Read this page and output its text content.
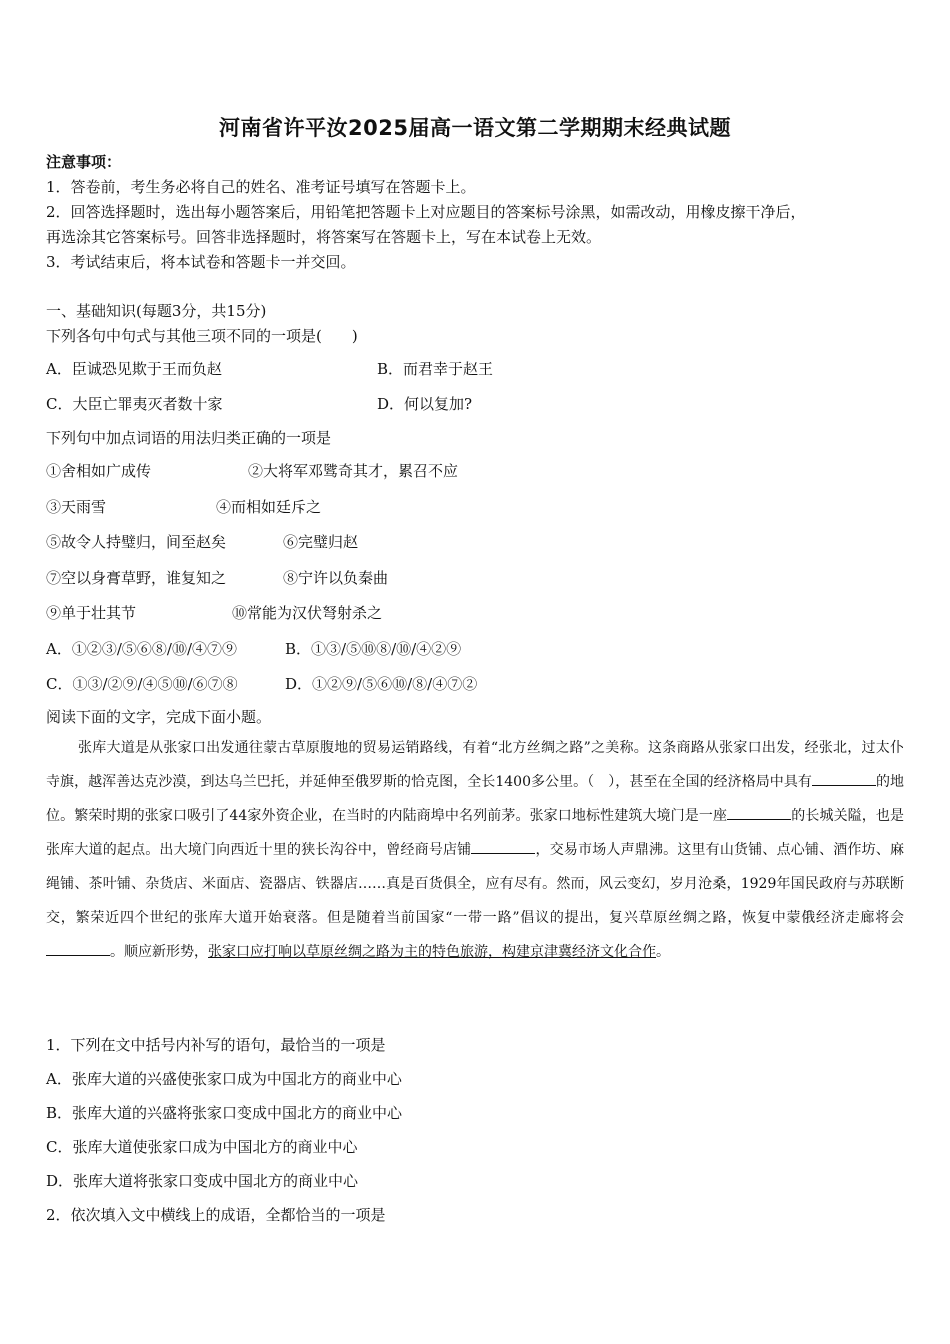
河南省许平汝2025届高一语文第二学期期末经典试题
注意事项：
1．答卷前，考生务必将自己的姓名、准考证号填写在答题卡上。
2．回答选择题时，选出每小题答案后，用铅笔把答题卡上对应题目的答案标号涂黑，如需改动，用橡皮擦干净后，
再选涂其它答案标号。回答非选择题时，将答案写在答题卡上，写在本试卷上无效。
3．考试结束后，将本试卷和答题卡一并交回。
一、基础知识(每题3分，共15分)
下列各句中句式与其他三项不同的一项是(　　)
A．臣诚恐见欺于王而负赵	B．而君幸于赵王
C．大臣亡罪夷灭者数十家	D．何以复加?
下列句中加点词语的用法归类正确的一项是
①舍相如广成传	②大将军邓骘奇其才，累召不应
③天雨雪	④而相如廷斥之
⑤故令人持璧归，间至赵矣	⑥完璧归赵
⑦空以身膏草野，谁复知之	⑧宁许以负秦曲
⑨单于壮其节	⑩常能为汉伏弩射杀之
A．①②③/⑤⑥⑧/⑩/④⑦⑨	B．①③/⑤⑩⑧/⑩/④②⑨
C．①③/②⑨/④⑤⑩/⑥⑦⑧	D．①②⑨/⑤⑥⑩/⑧/④⑦②
阅读下面的文字，完成下面小题。
张库大道是从张家口出发通往蒙古草原腹地的贸易运销路线，有着“北方丝绸之路”之美称。这条商路从张家口出发，经张北，过太仆寺旗，越浑善达克沙漠，到达乌兰巴托，并延伸至俄罗斯的恰克图，全长1400多公里。（　），甚至在全国的经济格局中具有	的地位。繁荣时期的张家口吸引了44家外资企业，在当时的内陆商埠中名列前茅。张家口地标性建筑大境门是一座	的长城关隘，也是张库大道的起点。出大境门向西近十里的狭长沟谷中，曾经商号店铺	，交易市场人声鼎沸。这里有山货铺、点心铺、酒作坊、麻绳铺、茶叶铺、杂货店、米面店、瓷器店、铁器店……真是百货俱全，应有尽有。然而，风云变幻，岁月沧桑，1929年国民政府与苏联断交，繁荣近四个世纪的张库大道开始衰落。但是随着当前国家“一带一路”倡议的提出，复兴草原丝绸之路，恢复中蒙俄经济走廊将会。顺应新形势，张家口应打响以草原丝绸之路为主的特色旅游，构建京津冀经济文化合作。
1．下列在文中括号内补写的语句，最恰当的一项是
A．张库大道的兴盛使张家口成为中国北方的商业中心
B．张库大道的兴盛将张家口变成中国北方的商业中心
C．张库大道使张家口成为中国北方的商业中心
D．张库大道将张家口变成中国北方的商业中心
2．依次填入文中横线上的成语，全都恰当的一项是
